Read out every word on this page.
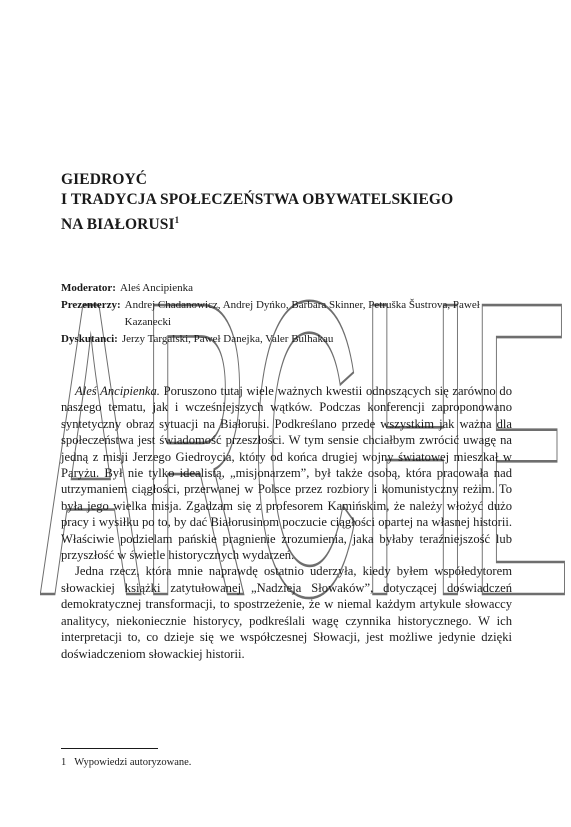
ARCHE
GIEDROYĆ
I TRADYCJA SPOŁECZEŃSTWA OBYWATELSKIEGO
NA BIAŁORUSI$^1$
Moderator: Aleś Ancipienka
Prezenterzy: Andrej Chadanowicz, Andrej Dyńko, Barbara Skinner, Petruška Šustrova, Paweł Kazanecki
Dyskutanci: Jerzy Targalski, Paweł Danejka, Valer Bulhakau

Aleś Ancipienka. Poruszono tutaj wiele ważnych kwestii odnoszących się zarówno do naszego tematu, jak i wcześniejszych wątków. Podczas konferencji zaproponowano syntetyczny obraz sytuacji na Białorusi. Podkreślano przede wszystkim jak ważna dla społeczeństwa jest świadomość przeszłości. W tym sensie chciałbym zwrócić uwagę na jedną z misji Jerzego Giedroycia, który od końca drugiej wojny światowej mieszkał w Paryżu. Był nie tylko idealistą, „misjonarzem”, był także osobą, która pracowała nad utrzymaniem ciągłości, przerwanej w Polsce przez rozbiory i komunistyczny reżim. To była jego wielka misja. Zgadzam się z profesorem Kamińskim, że należy włożyć dużo pracy i wysiłku po to, by dać Białorusinom poczucie ciągłości opartej na własnej historii. Właściwie podzielam pańskie pragnienie zrozumienia, jaka byłaby teraźniejszość lub przyszłość w świetle historycznych wydarzeń.

Jedna rzecz, która mnie naprawdę ostatnio uderzyła, kiedy byłem współedytorem słowackiej książki zatytułowanej „Nadzieja Słowaków”, dotyczącej doświadczeń demokratycznej transformacji, to spostrzeżenie, że w niemal każdym artykule słowaccy analitycy, niekoniecznie historycy, podkreślali wagę czynnika historycznego. W ich interpretacji to, co dzieje się we współczesnej Słowacji, jest możliwe jedynie dzięki doświadczeniom słowackiej historii.

1 Wypowiedzi autoryzowane.
